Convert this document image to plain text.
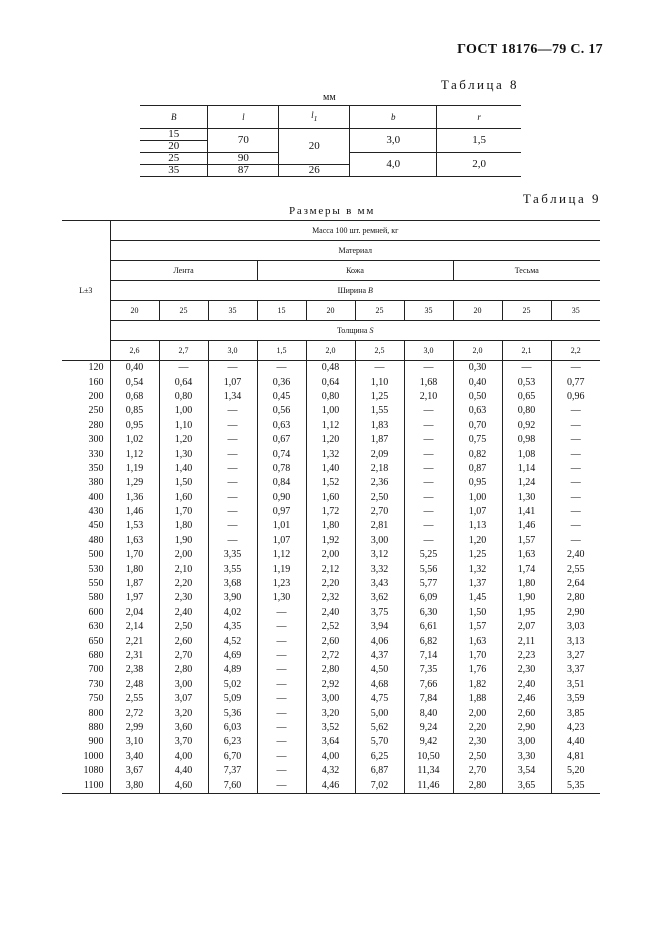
ГОСТ 18176—79 С. 17
Таблица 8
мм
B	l	$l_1$	b	r
15	70	20	3,0	1,5
20				
25	90		4,0	2,0
35	87	26		
Таблица 9
Размеры в мм
L±3	Масса 100 шт. ремней, кг									
	Материал									
	Лента			Кожа				Тесьма		
	Ширина B									
	20	25	35	15	20	25	35	20	25	35
	Толщина S									
	2,6	2,7	3,0	1,5	2,0	2,5	3,0	2,0	2,1	2,2
120	0,40	—	—	—	0,48	—	—	0,30	—	—
160	0,54	0,64	1,07	0,36	0,64	1,10	1,68	0,40	0,53	0,77
200	0,68	0,80	1,34	0,45	0,80	1,25	2,10	0,50	0,65	0,96
250	0,85	1,00	—	0,56	1,00	1,55	—	0,63	0,80	—
280	0,95	1,10	—	0,63	1,12	1,83	—	0,70	0,92	—
300	1,02	1,20	—	0,67	1,20	1,87	—	0,75	0,98	—
330	1,12	1,30	—	0,74	1,32	2,09	—	0,82	1,08	—
350	1,19	1,40	—	0,78	1,40	2,18	—	0,87	1,14	—
380	1,29	1,50	—	0,84	1,52	2,36	—	0,95	1,24	—
400	1,36	1,60	—	0,90	1,60	2,50	—	1,00	1,30	—
430	1,46	1,70	—	0,97	1,72	2,70	—	1,07	1,41	—
450	1,53	1,80	—	1,01	1,80	2,81	—	1,13	1,46	—
480	1,63	1,90	—	1,07	1,92	3,00	—	1,20	1,57	—
500	1,70	2,00	3,35	1,12	2,00	3,12	5,25	1,25	1,63	2,40
530	1,80	2,10	3,55	1,19	2,12	3,32	5,56	1,32	1,74	2,55
550	1,87	2,20	3,68	1,23	2,20	3,43	5,77	1,37	1,80	2,64
580	1,97	2,30	3,90	1,30	2,32	3,62	6,09	1,45	1,90	2,80
600	2,04	2,40	4,02	—	2,40	3,75	6,30	1,50	1,95	2,90
630	2,14	2,50	4,35	—	2,52	3,94	6,61	1,57	2,07	3,03
650	2,21	2,60	4,52	—	2,60	4,06	6,82	1,63	2,11	3,13
680	2,31	2,70	4,69	—	2,72	4,37	7,14	1,70	2,23	3,27
700	2,38	2,80	4,89	—	2,80	4,50	7,35	1,76	2,30	3,37
730	2,48	3,00	5,02	—	2,92	4,68	7,66	1,82	2,40	3,51
750	2,55	3,07	5,09	—	3,00	4,75	7,84	1,88	2,46	3,59
800	2,72	3,20	5,36	—	3,20	5,00	8,40	2,00	2,60	3,85
880	2,99	3,60	6,03	—	3,52	5,62	9,24	2,20	2,90	4,23
900	3,10	3,70	6,23	—	3,64	5,70	9,42	2,30	3,00	4,40
1000	3,40	4,00	6,70	—	4,00	6,25	10,50	2,50	3,30	4,81
1080	3,67	4,40	7,37	—	4,32	6,87	11,34	2,70	3,54	5,20
1100	3,80	4,60	7,60	—	4,46	7,02	11,46	2,80	3,65	5,35
